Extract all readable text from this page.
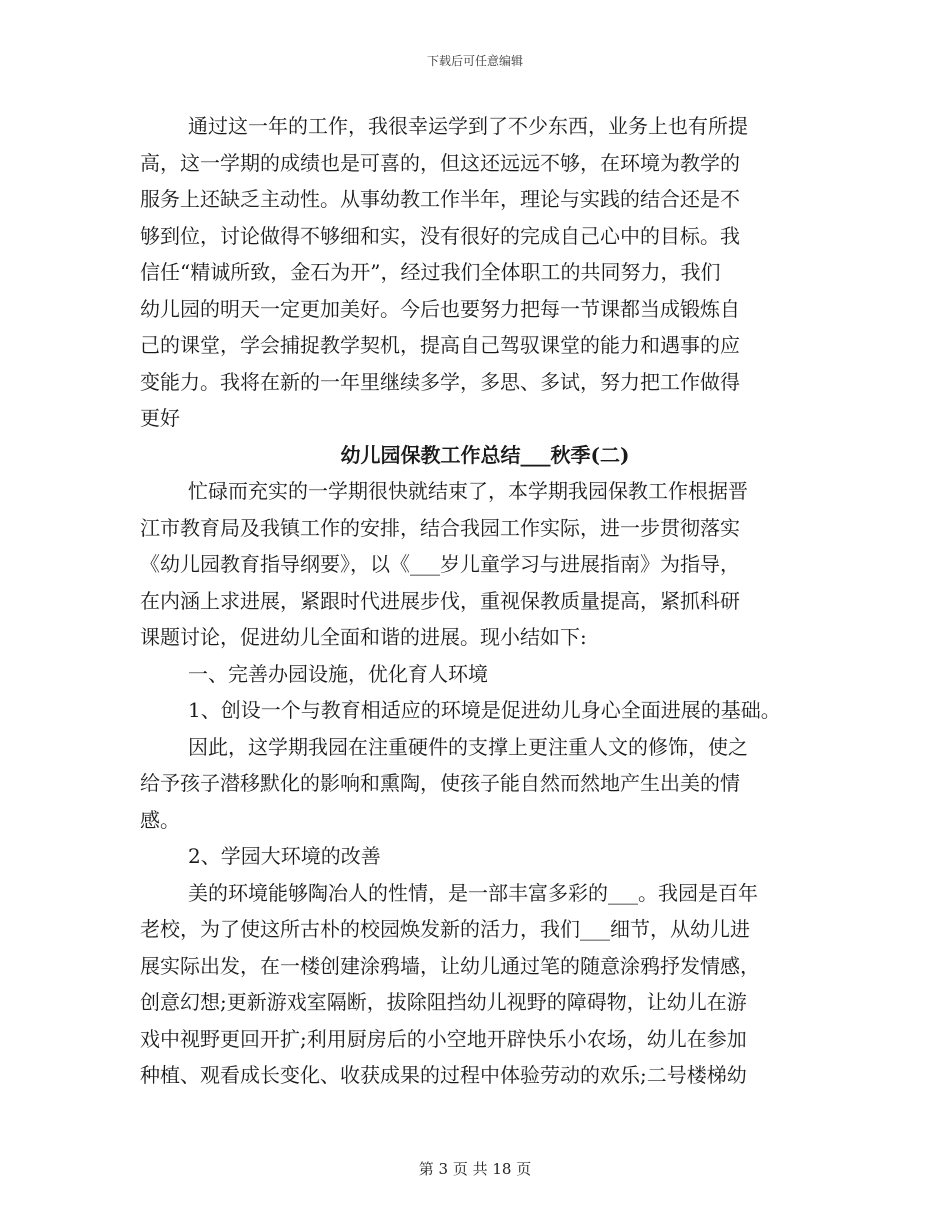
下载后可任意编辑
通过这一年的工作，我很幸运学到了不少东西，业务上也有所提
高，这一学期的成绩也是可喜的，但这还远远不够，在环境为教学的
服务上还缺乏主动性。从事幼教工作半年，理论与实践的结合还是不
够到位，讨论做得不够细和实，没有很好的完成自己心中的目标。我
信任“精诚所致，金石为开”，经过我们全体职工的共同努力，我们
幼儿园的明天一定更加美好。今后也要努力把每一节课都当成锻炼自
己的课堂，学会捕捉教学契机，提高自己驾驭课堂的能力和遇事的应
变能力。我将在新的一年里继续多学，多思、多试，努力把工作做得
更好
幼儿园保教工作总结___秋季(二)
忙碌而充实的一学期很快就结束了，本学期我园保教工作根据晋
江市教育局及我镇工作的安排，结合我园工作实际，进一步贯彻落实
《幼儿园教育指导纲要》，以《___岁儿童学习与进展指南》为指导，
在内涵上求进展，紧跟时代进展步伐，重视保教质量提高，紧抓科研
课题讨论，促进幼儿全面和谐的进展。现小结如下:
一、完善办园设施，优化育人环境
1、创设一个与教育相适应的环境是促进幼儿身心全面进展的基础。
因此，这学期我园在注重硬件的支撑上更注重人文的修饰，使之
给予孩子潜移默化的影响和熏陶，使孩子能自然而然地产生出美的情
感。
2、学园大环境的改善
美的环境能够陶冶人的性情，是一部丰富多彩的___。我园是百年
老校，为了使这所古朴的校园焕发新的活力，我们___细节，从幼儿进
展实际出发，在一楼创建涂鸦墙，让幼儿通过笔的随意涂鸦抒发情感，
创意幻想;更新游戏室隔断，拔除阻挡幼儿视野的障碍物，让幼儿在游
戏中视野更回开扩;利用厨房后的小空地开辟快乐小农场，幼儿在参加
种植、观看成长变化、收获成果的过程中体验劳动的欢乐;二号楼梯幼
第 3 页 共 18 页
